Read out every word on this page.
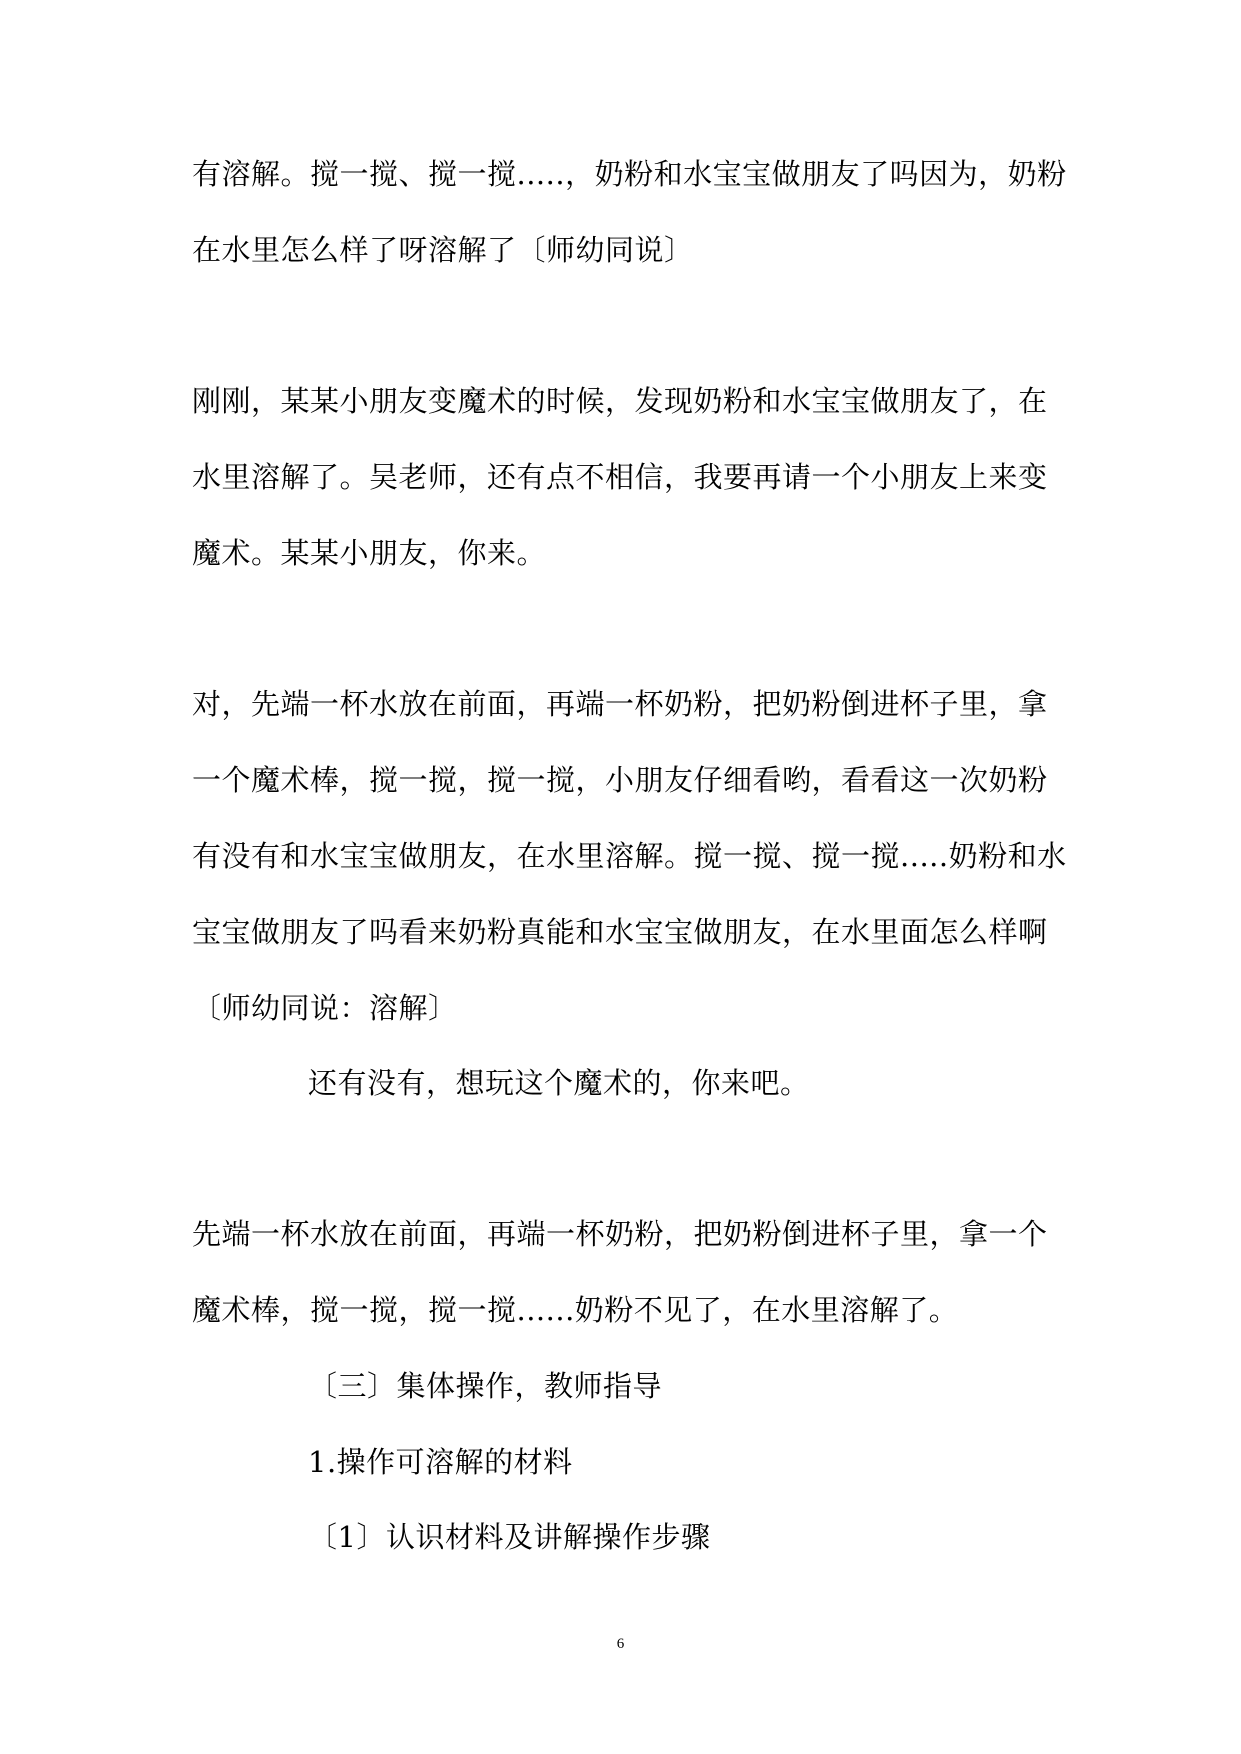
有溶解。搅一搅、搅一搅.....，奶粉和水宝宝做朋友了吗因为，奶粉
在水里怎么样了呀溶解了〔师幼同说〕
刚刚，某某小朋友变魔术的时候，发现奶粉和水宝宝做朋友了，在
水里溶解了。吴老师，还有点不相信，我要再请一个小朋友上来变
魔术。某某小朋友，你来。
对，先端一杯水放在前面，再端一杯奶粉，把奶粉倒进杯子里，拿
一个魔术棒，搅一搅，搅一搅，小朋友仔细看哟，看看这一次奶粉
有没有和水宝宝做朋友，在水里溶解。搅一搅、搅一搅.....奶粉和水
宝宝做朋友了吗看来奶粉真能和水宝宝做朋友，在水里面怎么样啊
〔师幼同说：溶解〕
还有没有，想玩这个魔术的，你来吧。
先端一杯水放在前面，再端一杯奶粉，把奶粉倒进杯子里，拿一个
魔术棒，搅一搅，搅一搅......奶粉不见了，在水里溶解了。
〔三〕集体操作，教师指导
1.操作可溶解的材料
〔1〕认识材料及讲解操作步骤
6
